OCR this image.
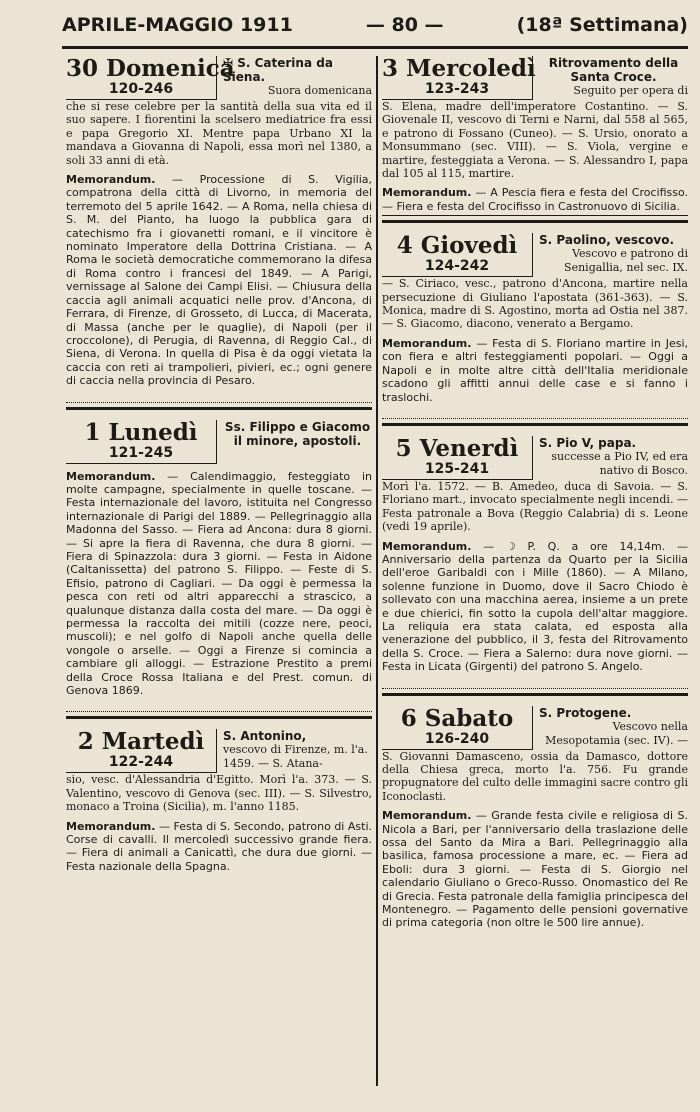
APRILE-MAGGIO 1911	— 80 —	(18ª Settimana)
30 Domenica
120-246
✠ S. Caterina da Siena.
Suora domenicana

che si rese celebre per la santità della sua vita ed il suo sapere. I fiorentini la scelsero mediatrice fra essi e papa Gregorio XI. Mentre papa Urbano XI la mandava a Giovanna di Napoli, essa morì nel 1380, a soli 33 anni di età.

Memorandum. — Processione di S. Vigilia, compatrona della città di Livorno, in memoria del terremoto del 5 aprile 1642. — A Roma, nella chiesa di S. M. del Pianto, ha luogo la pubblica gara di catechismo fra i giovanetti romani, e il vincitore è nominato Imperatore della Dottrina Cristiana. — A Roma le società democratiche commemorano la difesa di Roma contro i francesi del 1849. — A Parigi, vernissage al Salone dei Campi Elisi. — Chiusura della caccia agli animali acquatici nelle prov. d'Ancona, di Ferrara, di Firenze, di Grosseto, di Lucca, di Macerata, di Massa (anche per le quaglie), di Napoli (per il croccolone), di Perugia, di Ravenna, di Reggio Cal., di Siena, di Verona. In quella di Pisa è da oggi vietata la caccia con reti ai trampolieri, pivieri, ec.; ogni genere di caccia nella provincia di Pesaro.

1 Lunedì
121-245
Ss. Filippo e Giacomo il minore, apostoli.

Memorandum. — Calendimaggio, festeggiato in molte campagne, specialmente in quelle toscane. — Festa internazionale del lavoro, istituita nel Congresso internazionale di Parigi del 1889. — Pellegrinaggio alla Madonna del Sasso. — Fiera ad Ancona: dura 8 giorni. — Si apre la fiera di Ravenna, che dura 8 giorni. — Fiera di Spinazzola: dura 3 giorni. — Festa in Aidone (Caltanissetta) del patrono S. Filippo. — Feste di S. Efisio, patrono di Cagliari. — Da oggi è permessa la pesca con reti od altri apparecchi a strascico, a qualunque distanza dalla costa del mare. — Da oggi è permessa la raccolta dei mitili (cozze nere, peoci, muscoli); e nel golfo di Napoli anche quella delle vongole o arselle. — Oggi a Firenze si comincia a cambiare gli alloggi. — Estrazione Prestito a premi della Croce Rossa Italiana e del Prest. comun. di Genova 1869.

2 Martedì
122-244
S. Antonino,
vescovo di Firenze, m. l'a. 1459. — S. Atana-

sio, vesc. d'Alessandria d'Egitto. Morì l'a. 373. — S. Valentino, vescovo di Genova (sec. III). — S. Silvestro, monaco a Troina (Sicilia), m. l'anno 1185.

Memorandum. — Festa di S. Secondo, patrono di Asti. Corse di cavalli. Il mercoledì successivo grande fiera. — Fiera di animali a Canicattì, che dura due giorni. — Festa nazionale della Spagna.

3 Mercoledì
123-243
Ritrovamento della Santa Croce.
Seguito per opera di

S. Elena, madre dell'imperatore Costantino. — S. Giovenale II, vescovo di Terni e Narni, dal 558 al 565, e patrono di Fossano (Cuneo). — S. Ursio, onorato a Monsummano (sec. VIII). — S. Viola, vergine e martire, festeggiata a Verona. — S. Alessandro I, papa dal 105 al 115, martire.

Memorandum. — A Pescia fiera e festa del Crocifisso. — Fiera e festa del Crocifisso in Castronuovo di Sicilia.

4 Giovedì
124-242
S. Paolino, vescovo.
Vescovo e patrono di Senigallia, nel sec. IX.

— S. Ciriaco, vesc., patrono d'Ancona, martire nella persecuzione di Giuliano l'apostata (361-363). — S. Monica, madre di S. Agostino, morta ad Ostia nel 387. — S. Giacomo, diacono, venerato a Bergamo.

Memorandum. — Festa di S. Floriano martire in Jesi, con fiera e altri festeggiamenti popolari. — Oggi a Napoli e in molte altre città dell'Italia meridionale scadono gli affitti annui delle case e si fanno i traslochi.

5 Venerdì
125-241
S. Pio V, papa.
successe a Pio IV, ed era nativo di Bosco.

Morì l'a. 1572. — B. Amedeo, duca di Savoia. — S. Floriano mart., invocato specialmente negli incendi. — Festa patronale a Bova (Reggio Calabria) di s. Leone (vedi 19 aprile).

Memorandum. — ☽ P. Q. a ore 14,14m. — Anniversario della partenza da Quarto per la Sicilia dell'eroe Garibaldi con i Mille (1860). — A Milano, solenne funzione in Duomo, dove il Sacro Chiodo è sollevato con una macchina aerea, insieme a un prete e due chierici, fin sotto la cupola dell'altar maggiore. La reliquia era stata calata, ed esposta alla venerazione del pubblico, il 3, festa del Ritrovamento della S. Croce. — Fiera a Salerno: dura nove giorni. — Festa in Licata (Girgenti) del patrono S. Angelo.

6 Sabato
126-240
S. Protogene.
Vescovo nella Mesopotamia (sec. IV). —

S. Giovanni Damasceno, ossia da Damasco, dottore della Chiesa greca, morto l'a. 756. Fu grande propugnatore del culto delle immagini sacre contro gli Iconoclasti.

Memorandum. — Grande festa civile e religiosa di S. Nicola a Bari, per l'anniversario della traslazione delle ossa del Santo da Mira a Bari. Pellegrinaggio alla basilica, famosa processione a mare, ec. — Fiera ad Eboli: dura 3 giorni. — Festa di S. Giorgio nel calendario Giuliano o Greco-Russo. Onomastico del Re di Grecia. Festa patronale della famiglia principesca del Montenegro. — Pagamento delle pensioni governative di prima categoria (non oltre le 500 lire annue).
